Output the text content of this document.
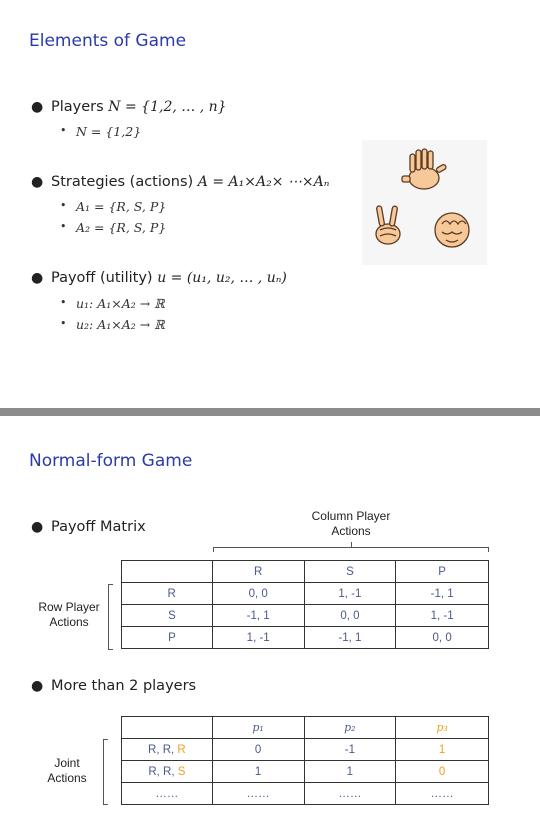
Elements of Game
● Players N = {1,2, … , n}
• N = {1,2}
● Strategies (actions) A = A₁×A₂× ⋯×Aₙ
• A₁ = {R, S, P}
• A₂ = {R, S, P}
● Payoff (utility) u = (u₁, u₂, … , uₙ)
• u₁: A₁×A₂ → ℝ
• u₂: A₁×A₂ → ℝ
Normal-form Game
● Payoff Matrix
Column Player
Actions
Row Player
Actions
	R	S	P
R	0, 0	1, -1	-1, 1
S	-1, 1	0, 0	1, -1
P	1, -1	-1, 1	0, 0
● More than 2 players
Joint
Actions
	p₁	p₂	p₃
R, R, R	0	-1	1
R, R, S	1	1	0
……	……	……	……
